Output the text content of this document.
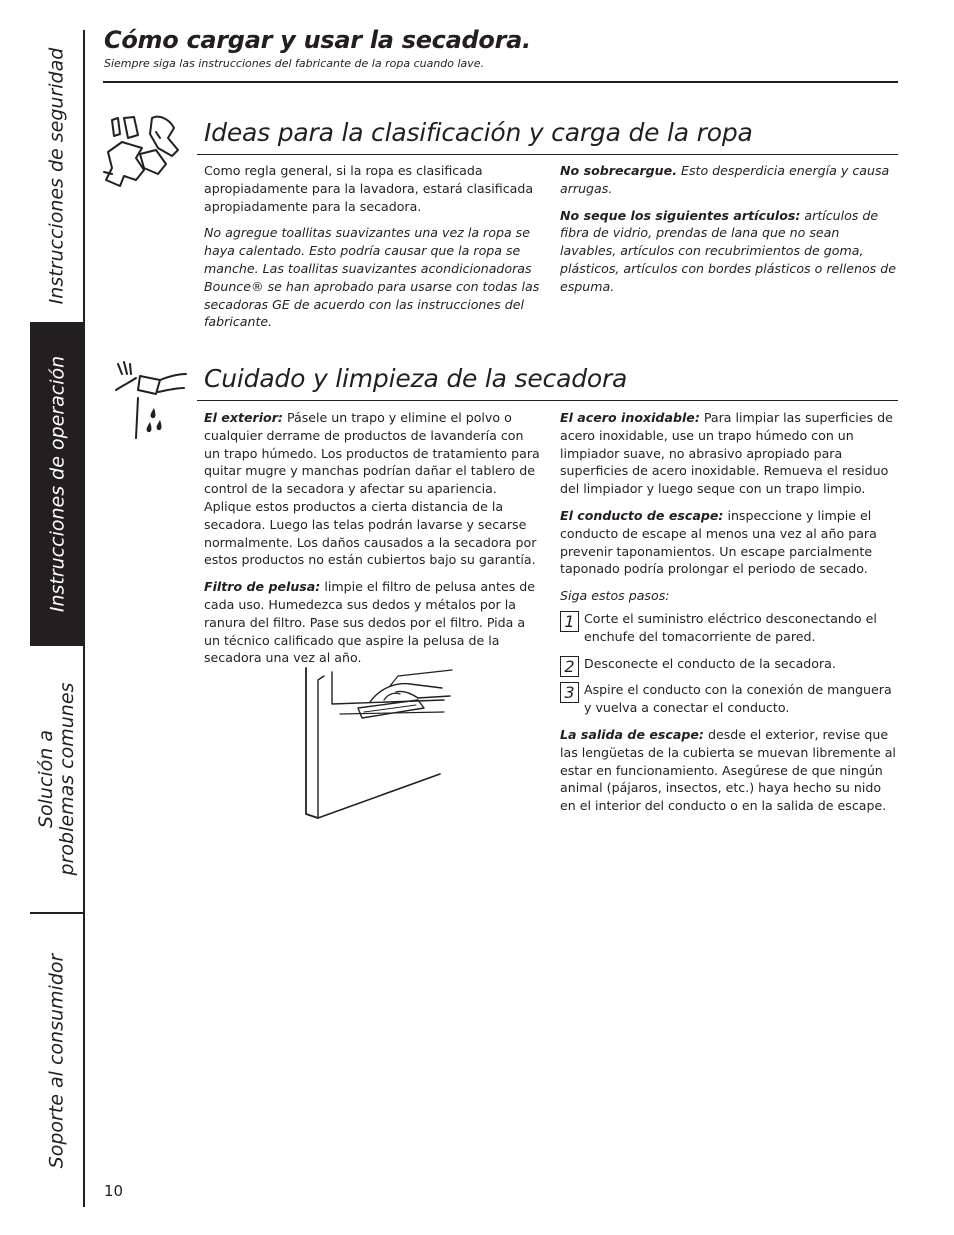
Instrucciones de seguridad
Instrucciones de operación
Solución a
problemas comunes
Soporte al consumidor
Cómo cargar y usar la secadora.
Siempre siga las instrucciones del fabricante de la ropa cuando lave.
Ideas para la clasificación y carga de la ropa

Como regla general, si la ropa es clasificada apropiadamente para la lavadora, estará clasificada apropiadamente para la secadora.

No agregue toallitas suavizantes una vez la ropa se haya calentado. Esto podría causar que la ropa se manche. Las toallitas suavizantes acondicionadoras Bounce® se han aprobado para usarse con todas las secadoras GE de acuerdo con las instrucciones del fabricante.

No sobrecargue. Esto desperdicia energía y causa arrugas.

No seque los siguientes artículos: artículos de fibra de vidrio, prendas de lana que no sean lavables, artículos con recubrimientos de goma, plásticos, artículos con bordes plásticos o rellenos de espuma.

Cuidado y limpieza de la secadora

El exterior: Pásele un trapo y elimine el polvo o cualquier derrame de productos de lavandería con un trapo húmedo. Los productos de tratamiento para quitar mugre y manchas podrían dañar el tablero de control de la secadora y afectar su apariencia. Aplique estos productos a cierta distancia de la secadora. Luego las telas podrán lavarse y secarse normalmente. Los daños causados a la secadora por estos productos no están cubiertos bajo su garantía.

Filtro de pelusa: limpie el filtro de pelusa antes de cada uso. Humedezca sus dedos y métalos por la ranura del filtro. Pase sus dedos por el filtro. Pida a un técnico calificado que aspire la pelusa de la secadora una vez al año.

El acero inoxidable: Para limpiar las superficies de acero inoxidable, use un trapo húmedo con un limpiador suave, no abrasivo apropiado para superficies de acero inoxidable. Remueva el residuo del limpiador y luego seque con un trapo limpio.

El conducto de escape: inspeccione y limpie el conducto de escape al menos una vez al año para prevenir taponamientos. Un escape parcialmente taponado podría prolongar el periodo de secado.

Siga estos pasos:

1 Corte el suministro eléctrico desconectando el enchufe del tomacorriente de pared.
2 Desconecte el conducto de la secadora.
3 Aspire el conducto con la conexión de manguera y vuelva a conectar el conducto.

La salida de escape: desde el exterior, revise que las lengüetas de la cubierta se muevan libremente al estar en funcionamiento. Asegúrese de que ningún animal (pájaros, insectos, etc.) haya hecho su nido en el interior del conducto o en la salida de escape.

10
